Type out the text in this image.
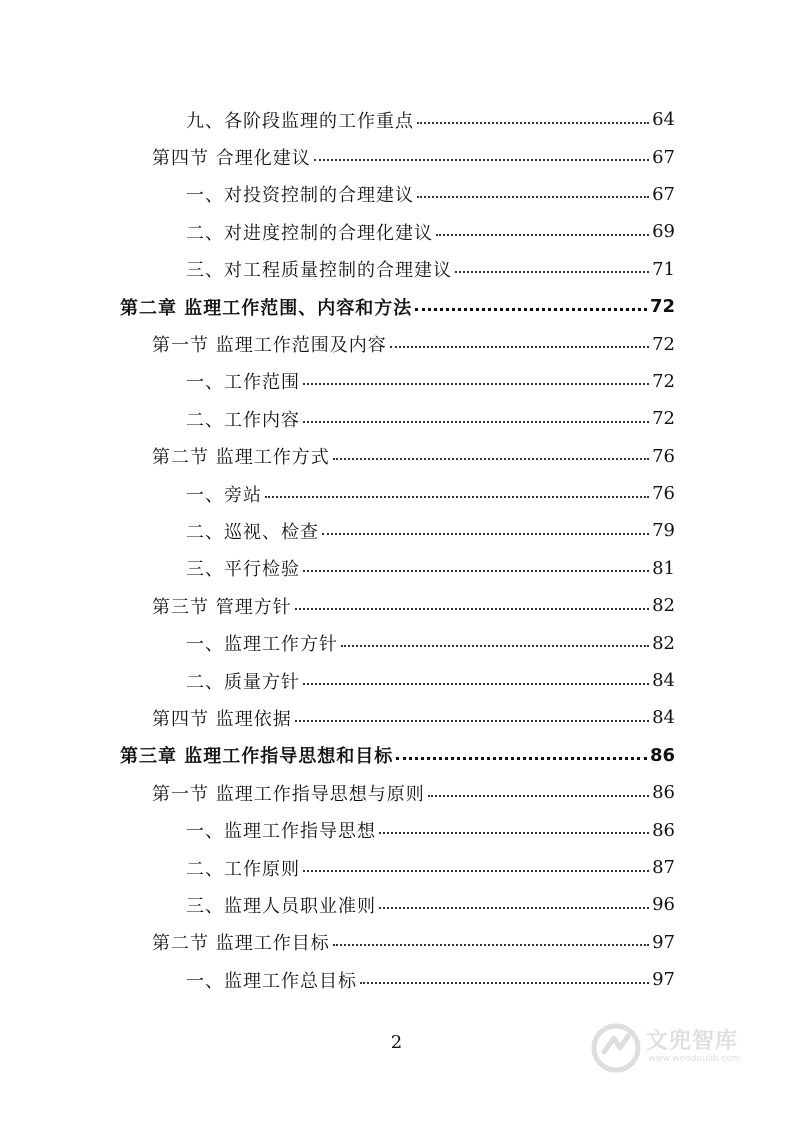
九、各阶段监理的工作重点	64
第四节 合理化建议	67
一、对投资控制的合理建议	67
二、对进度控制的合理化建议	69
三、对工程质量控制的合理建议	71
第二章 监理工作范围、内容和方法	72
第一节 监理工作范围及内容	72
一、工作范围	72
二、工作内容	72
第二节 监理工作方式	76
一、旁站	76
二、巡视、检查	79
三、平行检验	81
第三节 管理方针	82
一、监理工作方针	82
二、质量方针	84
第四节 监理依据	84
第三章 监理工作指导思想和目标	86
第一节 监理工作指导思想与原则	86
一、监理工作指导思想	86
二、工作原则	87
三、监理人员职业准则	96
第二节 监理工作目标	97
一、监理工作总目标	97
2	文兜智库
www.wendoulib.com
